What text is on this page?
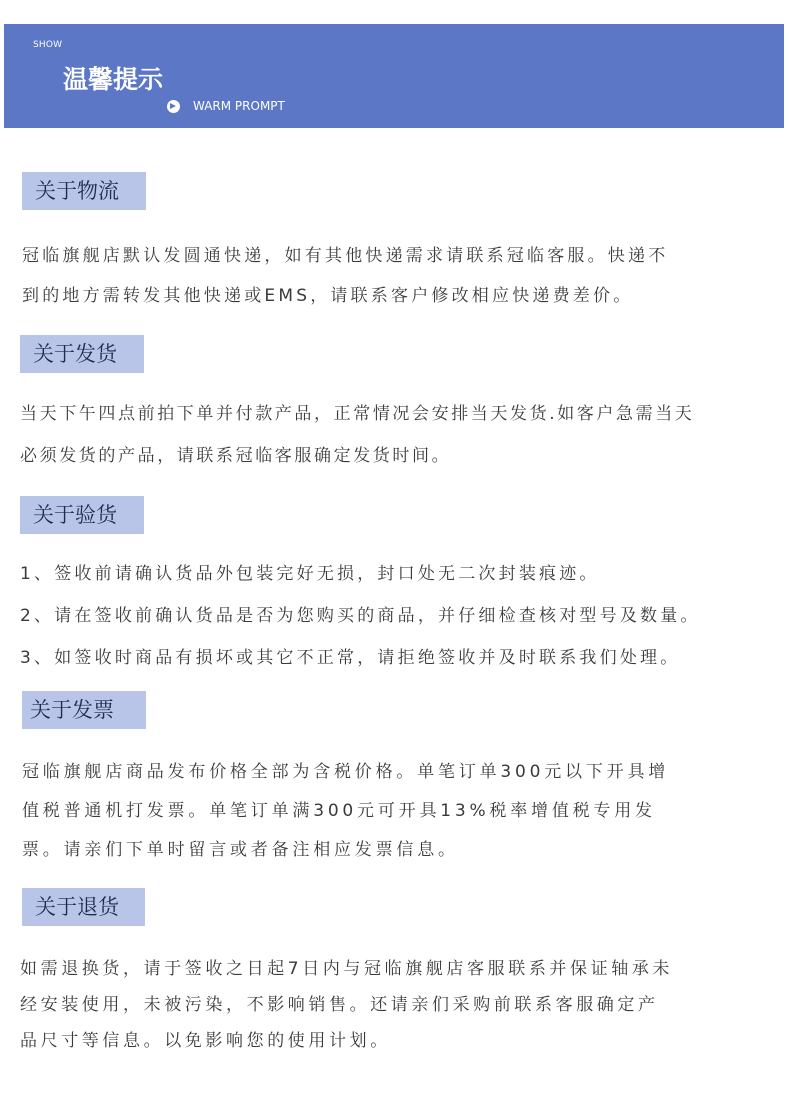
SHOW
温馨提示
WARM PROMPT
关于物流
冠临旗舰店默认发圆通快递，如有其他快递需求请联系冠临客服。快递不
到的地方需转发其他快递或EMS，请联系客户修改相应快递费差价。
关于发货
当天下午四点前拍下单并付款产品，正常情况会安排当天发货.如客户急需当天
必须发货的产品，请联系冠临客服确定发货时间。
关于验货
1、签收前请确认货品外包装完好无损，封口处无二次封装痕迹。
2、请在签收前确认货品是否为您购买的商品，并仔细检查核对型号及数量。
3、如签收时商品有损坏或其它不正常，请拒绝签收并及时联系我们处理。
关于发票
冠临旗舰店商品发布价格全部为含税价格。单笔订单300元以下开具增
值税普通机打发票。单笔订单满300元可开具13%税率增值税专用发
票。请亲们下单时留言或者备注相应发票信息。
关于退货
如需退换货，请于签收之日起7日内与冠临旗舰店客服联系并保证轴承未
经安装使用，未被污染，不影响销售。还请亲们采购前联系客服确定产
品尺寸等信息。以免影响您的使用计划。
